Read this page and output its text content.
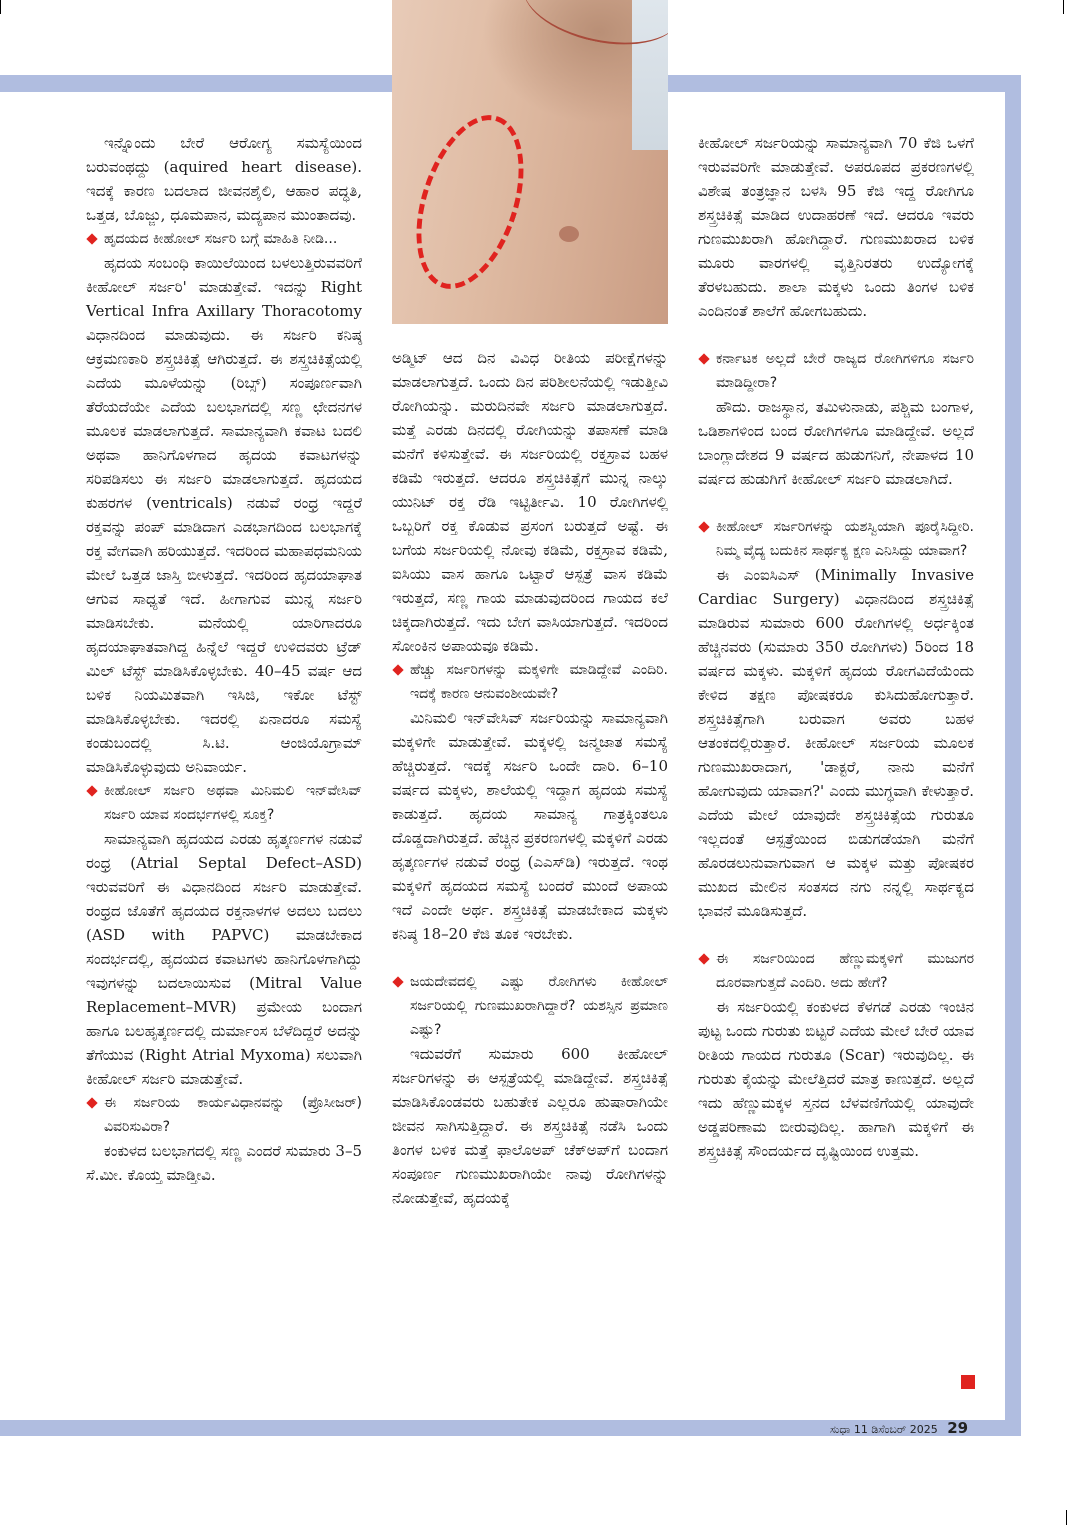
ಇನ್ನೊಂದು ಬೇರೆ ಆರೋಗ್ಯ ಸಮಸ್ಯೆಯಿಂದ ಬರುವಂಥದ್ದು (aquired heart disease). ಇದಕ್ಕೆ ಕಾರಣ ಬದಲಾದ ಜೀವನಶೈಲಿ, ಆಹಾರ ಪದ್ಧತಿ, ಒತ್ತಡ, ಬೊಜ್ಜು, ಧೂಮಪಾನ, ಮದ್ಯಪಾನ ಮುಂತಾದವು.

ಹೃದಯದ ಕೀಹೋಲ್ ಸರ್ಜರಿ ಬಗ್ಗೆ ಮಾಹಿತಿ ನೀಡಿ...

ಹೃದಯ ಸಂಬಂಧಿ ಕಾಯಿಲೆಯಿಂದ ಬಳಲುತ್ತಿರುವವರಿಗೆ ಕೀಹೋಲ್ ಸರ್ಜರಿ' ಮಾಡುತ್ತೇವೆ. ಇದನ್ನು Right Vertical Infra Axillary Thoracotomy ವಿಧಾನದಿಂದ ಮಾಡುವುದು. ಈ ಸರ್ಜರಿ ಕನಿಷ್ಠ ಆಕ್ರಮಣಕಾರಿ ಶಸ್ತ್ರಚಿಕಿತ್ಸೆ ಆಗಿರುತ್ತದೆ. ಈ ಶಸ್ತ್ರಚಿಕಿತ್ಸೆಯಲ್ಲಿ ಎದೆಯ ಮೂಳೆಯನ್ನು (ರಿಬ್ಸ್) ಸಂಪೂರ್ಣವಾಗಿ ತೆರೆಯದೆಯೇ ಎದೆಯ ಬಲಭಾಗದಲ್ಲಿ ಸಣ್ಣ ಛೇದನಗಳ ಮೂಲಕ ಮಾಡಲಾಗುತ್ತದೆ. ಸಾಮಾನ್ಯವಾಗಿ ಕವಾಟ ಬದಲಿ ಅಥವಾ ಹಾನಿಗೊಳಗಾದ ಹೃದಯ ಕವಾಟಗಳನ್ನು ಸರಿಪಡಿಸಲು ಈ ಸರ್ಜರಿ ಮಾಡಲಾಗುತ್ತದೆ. ಹೃದಯದ ಕುಹರಗಳ (ventricals) ನಡುವೆ ರಂಧ್ರ ಇದ್ದರೆ ರಕ್ತವನ್ನು ಪಂಪ್ ಮಾಡಿದಾಗ ಎಡಭಾಗದಿಂದ ಬಲಭಾಗಕ್ಕೆ ರಕ್ತ ವೇಗವಾಗಿ ಹರಿಯುತ್ತದೆ. ಇದರಿಂದ ಮಹಾಪಧಮನಿಯ ಮೇಲೆ ಒತ್ತಡ ಜಾಸ್ತಿ ಬೀಳುತ್ತದೆ. ಇದರಿಂದ ಹೃದಯಾಘಾತ ಆಗುವ ಸಾಧ್ಯತೆ ಇದೆ. ಹೀಗಾಗುವ ಮುನ್ನ ಸರ್ಜರಿ ಮಾಡಿಸಬೇಕು. ಮನೆಯಲ್ಲಿ ಯಾರಿಗಾದರೂ ಹೃದಯಾಘಾತವಾಗಿದ್ದ ಹಿನ್ನೆಲೆ ಇದ್ದರೆ ಉಳಿದವರು ಟ್ರೆಡ್ ಮಿಲ್ ಟೆಸ್ಟ್ ಮಾಡಿಸಿಕೊಳ್ಳಬೇಕು. 40–45 ವರ್ಷ ಆದ ಬಳಿಕ ನಿಯಮಿತವಾಗಿ ಇಸಿಜಿ, ಇಕೋ ಟೆಸ್ಟ್ ಮಾಡಿಸಿಕೊಳ್ಳಬೇಕು. ಇದರಲ್ಲಿ ಏನಾದರೂ ಸಮಸ್ಯೆ ಕಂಡುಬಂದಲ್ಲಿ ಸಿ.ಟಿ. ಆಂಜಿಯೊಗ್ರಾಮ್ ಮಾಡಿಸಿಕೊಳ್ಳುವುದು ಅನಿವಾರ್ಯ.

ಕೀಹೋಲ್ ಸರ್ಜರಿ ಅಥವಾ ಮಿನಿಮಲಿ ಇನ್‌ವೇಸಿವ್ ಸರ್ಜರಿ ಯಾವ ಸಂದರ್ಭಗಳಲ್ಲಿ ಸೂಕ್ತ?

ಸಾಮಾನ್ಯವಾಗಿ ಹೃದಯದ ಎರಡು ಹೃತ್ಕರ್ಣಗಳ ನಡುವೆ ರಂಧ್ರ (Atrial Septal Defect–ASD) ಇರುವವರಿಗೆ ಈ ವಿಧಾನದಿಂದ ಸರ್ಜರಿ ಮಾಡುತ್ತೇವೆ. ರಂಧ್ರದ ಜೊತೆಗೆ ಹೃದಯದ ರಕ್ತನಾಳಗಳ ಅದಲು ಬದಲು (ASD with PAPVC) ಮಾಡಬೇಕಾದ ಸಂದರ್ಭದಲ್ಲಿ, ಹೃದಯದ ಕವಾಟಗಳು ಹಾನಿಗೊಳಗಾಗಿದ್ದು ಇವುಗಳನ್ನು ಬದಲಾಯಿಸುವ (Mitral Value Replacement–MVR) ಪ್ರಮೇಯ ಬಂದಾಗ ಹಾಗೂ ಬಲಹೃತ್ಕರ್ಣದಲ್ಲಿ ದುರ್ಮಾಂಸ ಬೆಳೆದಿದ್ದರೆ ಅದನ್ನು ತೆಗೆಯುವ (Right Atrial Myxoma) ಸಲುವಾಗಿ ಕೀಹೋಲ್ ಸರ್ಜರಿ ಮಾಡುತ್ತೇವೆ.

ಈ ಸರ್ಜರಿಯ ಕಾರ್ಯವಿಧಾನವನ್ನು (ಪ್ರೊಸೀಜರ್) ವಿವರಿಸುವಿರಾ?

ಕಂಕುಳದ ಬಲಭಾಗದಲ್ಲಿ ಸಣ್ಣ ಎಂದರೆ ಸುಮಾರು 3–5 ಸೆ.ಮೀ. ಕೊಯ್ತ ಮಾಡ್ತೀವಿ.

ಅಡ್ಮಿಟ್ ಆದ ದಿನ ವಿವಿಧ ರೀತಿಯ ಪರೀಕ್ಷೆಗಳನ್ನು ಮಾಡಲಾಗುತ್ತದೆ. ಒಂದು ದಿನ ಪರಿಶೀಲನೆಯಲ್ಲಿ ಇಡುತ್ತೀವಿ ರೋಗಿಯನ್ನು. ಮರುದಿನವೇ ಸರ್ಜರಿ ಮಾಡಲಾಗುತ್ತದೆ. ಮತ್ತೆ ಎರಡು ದಿನದಲ್ಲಿ ರೋಗಿಯನ್ನು ತಪಾಸಣೆ ಮಾಡಿ ಮನೆಗೆ ಕಳಿಸುತ್ತೇವೆ. ಈ ಸರ್ಜರಿಯಲ್ಲಿ ರಕ್ತಸ್ರಾವ ಬಹಳ ಕಡಿಮೆ ಇರುತ್ತದೆ. ಆದರೂ ಶಸ್ತ್ರಚಿಕಿತ್ಸೆಗೆ ಮುನ್ನ ನಾಲ್ಕು ಯುನಿಟ್ ರಕ್ತ ರೆಡಿ ಇಟ್ಟಿರ್ತೀವಿ. 10 ರೋಗಿಗಳಲ್ಲಿ ಒಬ್ಬರಿಗೆ ರಕ್ತ ಕೊಡುವ ಪ್ರಸಂಗ ಬರುತ್ತದೆ ಅಷ್ಟೆ. ಈ ಬಗೆಯ ಸರ್ಜರಿಯಲ್ಲಿ ನೋವು ಕಡಿಮೆ, ರಕ್ತಸ್ರಾವ ಕಡಿಮೆ, ಐಸಿಯು ವಾಸ ಹಾಗೂ ಒಟ್ಟಾರೆ ಆಸ್ಪತ್ರೆ ವಾಸ ಕಡಿಮೆ ಇರುತ್ತದೆ, ಸಣ್ಣ ಗಾಯ ಮಾಡುವುದರಿಂದ ಗಾಯದ ಕಲೆ ಚಿಕ್ಕದಾಗಿರುತ್ತದೆ. ಇದು ಬೇಗ ವಾಸಿಯಾಗುತ್ತದೆ. ಇದರಿಂದ ಸೋಂಕಿನ ಅಪಾಯವೂ ಕಡಿಮೆ.

ಹೆಚ್ಚು ಸರ್ಜರಿಗಳನ್ನು ಮಕ್ಕಳಿಗೇ ಮಾಡಿದ್ದೇವೆ ಎಂದಿರಿ. ಇದಕ್ಕೆ ಕಾರಣ ಆನುವಂಶೀಯವೇ?

ಮಿನಿಮಲಿ ಇನ್‌ವೇಸಿವ್ ಸರ್ಜರಿಯನ್ನು ಸಾಮಾನ್ಯವಾಗಿ ಮಕ್ಕಳಿಗೇ ಮಾಡುತ್ತೇವೆ. ಮಕ್ಕಳಲ್ಲಿ ಜನ್ಮಜಾತ ಸಮಸ್ಯೆ ಹೆಚ್ಚಿರುತ್ತದೆ. ಇದಕ್ಕೆ ಸರ್ಜರಿ ಒಂದೇ ದಾರಿ. 6–10 ವರ್ಷದ ಮಕ್ಕಳು, ಶಾಲೆಯಲ್ಲಿ ಇದ್ದಾಗ ಹೃದಯ ಸಮಸ್ಯೆ ಕಾಡುತ್ತದೆ. ಹೃದಯ ಸಾಮಾನ್ಯ ಗಾತ್ರಕ್ಕಿಂತಲೂ ದೊಡ್ಡದಾಗಿರುತ್ತದೆ. ಹೆಚ್ಚಿನ ಪ್ರಕರಣಗಳಲ್ಲಿ ಮಕ್ಕಳಿಗೆ ಎರಡು ಹೃತ್ಕರ್ಣಗಳ ನಡುವೆ ರಂಧ್ರ (ಎಎಸ್‌ಡಿ) ಇರುತ್ತದೆ. ಇಂಥ ಮಕ್ಕಳಿಗೆ ಹೃದಯದ ಸಮಸ್ಯೆ ಬಂದರೆ ಮುಂದೆ ಅಪಾಯ ಇದೆ ಎಂದೇ ಅರ್ಥ. ಶಸ್ತ್ರಚಿಕಿತ್ಸೆ ಮಾಡಬೇಕಾದ ಮಕ್ಕಳು ಕನಿಷ್ಠ 18–20 ಕೆಜಿ ತೂಕ ಇರಬೇಕು.

ಜಯದೇವದಲ್ಲಿ ಎಷ್ಟು ರೋಗಿಗಳು ಕೀಹೋಲ್ ಸರ್ಜರಿಯಲ್ಲಿ ಗುಣಮುಖರಾಗಿದ್ದಾರೆ? ಯಶಸ್ಸಿನ ಪ್ರಮಾಣ ಎಷ್ಟು?

ಇದುವರೆಗೆ ಸುಮಾರು 600 ಕೀಹೋಲ್ ಸರ್ಜರಿಗಳನ್ನು ಈ ಆಸ್ಪತ್ರೆಯಲ್ಲಿ ಮಾಡಿದ್ದೇವೆ. ಶಸ್ತ್ರಚಿಕಿತ್ಸೆ ಮಾಡಿಸಿಕೊಂಡವರು ಬಹುತೇಕ ಎಲ್ಲರೂ ಹುಷಾರಾಗಿಯೇ ಜೀವನ ಸಾಗಿಸುತ್ತಿದ್ದಾರೆ. ಈ ಶಸ್ತ್ರಚಿಕಿತ್ಸೆ ನಡೆಸಿ ಒಂದು ತಿಂಗಳ ಬಳಿಕ ಮತ್ತೆ ಫಾಲೊಅಪ್ ಚೆಕ್‌ಅಪ್‌ಗೆ ಬಂದಾಗ ಸಂಪೂರ್ಣ ಗುಣಮುಖರಾಗಿಯೇ ನಾವು ರೋಗಿಗಳನ್ನು ನೋಡುತ್ತೇವೆ, ಹೃದಯಕ್ಕೆ

ಕೀಹೋಲ್ ಸರ್ಜರಿಯನ್ನು ಸಾಮಾನ್ಯವಾಗಿ 70 ಕೆಜಿ ಒಳಗೆ ಇರುವವರಿಗೇ ಮಾಡುತ್ತೇವೆ. ಅಪರೂಪದ ಪ್ರಕರಣಗಳಲ್ಲಿ ವಿಶೇಷ ತಂತ್ರಜ್ಞಾನ ಬಳಸಿ 95 ಕೆಜಿ ಇದ್ದ ರೋಗಿಗೂ ಶಸ್ತ್ರಚಿಕಿತ್ಸೆ ಮಾಡಿದ ಉದಾಹರಣೆ ಇದೆ. ಆದರೂ ಇವರು ಗುಣಮುಖರಾಗಿ ಹೋಗಿದ್ದಾರೆ. ಗುಣಮುಖರಾದ ಬಳಿಕ ಮೂರು ವಾರಗಳಲ್ಲಿ ವೃತ್ತಿನಿರತರು ಉದ್ಯೋಗಕ್ಕೆ ತೆರಳಬಹುದು. ಶಾಲಾ ಮಕ್ಕಳು ಒಂದು ತಿಂಗಳ ಬಳಿಕ ಎಂದಿನಂತೆ ಶಾಲೆಗೆ ಹೋಗಬಹುದು.

ಕರ್ನಾಟಕ ಅಲ್ಲದೆ ಬೇರೆ ರಾಜ್ಯದ ರೋಗಿಗಳಿಗೂ ಸರ್ಜರಿ ಮಾಡಿದ್ದೀರಾ?

ಹೌದು. ರಾಜಸ್ಥಾನ, ತಮಿಳುನಾಡು, ಪಶ್ಚಿಮ ಬಂಗಾಳ, ಒಡಿಶಾಗಳಿಂದ ಬಂದ ರೋಗಿಗಳಿಗೂ ಮಾಡಿದ್ದೇವೆ. ಅಲ್ಲದೆ ಬಾಂಗ್ಲಾದೇಶದ 9 ವರ್ಷದ ಹುಡುಗನಿಗೆ, ನೇಪಾಳದ 10 ವರ್ಷದ ಹುಡುಗಿಗೆ ಕೀಹೋಲ್ ಸರ್ಜರಿ ಮಾಡಲಾಗಿದೆ.

ಕೀಹೋಲ್ ಸರ್ಜರಿಗಳನ್ನು ಯಶಸ್ವಿಯಾಗಿ ಪೂರೈಸಿದ್ದೀರಿ. ನಿಮ್ಮ ವೈದ್ಯ ಬದುಕಿನ ಸಾರ್ಥಕ್ಯ ಕ್ಷಣ ಎನಿಸಿದ್ದು ಯಾವಾಗ?

ಈ ಎಂಐಸಿಎಸ್ (Minimally Invasive Cardiac Surgery) ವಿಧಾನದಿಂದ ಶಸ್ತ್ರಚಿಕಿತ್ಸೆ ಮಾಡಿರುವ ಸುಮಾರು 600 ರೋಗಿಗಳಲ್ಲಿ ಅರ್ಧಕ್ಕಿಂತ ಹೆಚ್ಚಿನವರು (ಸುಮಾರು 350 ರೋಗಿಗಳು) 5ರಿಂದ 18 ವರ್ಷದ ಮಕ್ಕಳು. ಮಕ್ಕಳಿಗೆ ಹೃದಯ ರೋಗವಿದೆಯೆಂದು ಕೇಳಿದ ತಕ್ಷಣ ಪೋಷಕರೂ ಕುಸಿದುಹೋಗುತ್ತಾರೆ. ಶಸ್ತ್ರಚಿಕಿತ್ಸೆಗಾಗಿ ಬರುವಾಗ ಅವರು ಬಹಳ ಆತಂಕದಲ್ಲಿರುತ್ತಾರೆ. ಕೀಹೋಲ್ ಸರ್ಜರಿಯ ಮೂಲಕ ಗುಣಮುಖರಾದಾಗ, 'ಡಾಕ್ಟರೆ, ನಾನು ಮನೆಗೆ ಹೋಗುವುದು ಯಾವಾಗ?' ಎಂದು ಮುಗ್ಧವಾಗಿ ಕೇಳುತ್ತಾರೆ. ಎದೆಯ ಮೇಲೆ ಯಾವುದೇ ಶಸ್ತ್ರಚಿಕಿತ್ಸೆಯ ಗುರುತೂ ಇಲ್ಲದಂತೆ ಆಸ್ಪತ್ರೆಯಿಂದ ಬಿಡುಗಡೆಯಾಗಿ ಮನೆಗೆ ಹೊರಡಲುನುವಾಗುವಾಗ ಆ ಮಕ್ಕಳ ಮತ್ತು ಪೋಷಕರ ಮುಖದ ಮೇಲಿನ ಸಂತಸದ ನಗು ನನ್ನಲ್ಲಿ ಸಾರ್ಥಕ್ಯದ ಭಾವನೆ ಮೂಡಿಸುತ್ತದೆ.

ಈ ಸರ್ಜರಿಯಿಂದ ಹೆಣ್ಣುಮಕ್ಕಳಿಗೆ ಮುಜುಗರ ದೂರವಾಗುತ್ತದೆ ಎಂದಿರಿ. ಅದು ಹೇಗೆ?

ಈ ಸರ್ಜರಿಯಲ್ಲಿ ಕಂಕುಳದ ಕೆಳಗಡೆ ಎರಡು ಇಂಚಿನ ಪುಟ್ಟ ಒಂದು ಗುರುತು ಬಿಟ್ಟರೆ ಎದೆಯ ಮೇಲೆ ಬೇರೆ ಯಾವ ರೀತಿಯ ಗಾಯದ ಗುರುತೂ (Scar) ಇರುವುದಿಲ್ಲ. ಈ ಗುರುತು ಕೈಯನ್ನು ಮೇಲೆತ್ತಿದರೆ ಮಾತ್ರ ಕಾಣುತ್ತದೆ. ಅಲ್ಲದೆ ಇದು ಹೆಣ್ಣುಮಕ್ಕಳ ಸ್ತನದ ಬೆಳವಣಿಗೆಯಲ್ಲಿ ಯಾವುದೇ ಅಡ್ಡಪರಿಣಾಮ ಬೀರುವುದಿಲ್ಲ. ಹಾಗಾಗಿ ಮಕ್ಕಳಿಗೆ ಈ ಶಸ್ತ್ರಚಿಕಿತ್ಸೆ ಸೌಂದರ್ಯದ ದೃಷ್ಟಿಯಿಂದ ಉತ್ತಮ.

ಸುಧಾ 11 ಡಿಸೆಂಬರ್ 2025 29
